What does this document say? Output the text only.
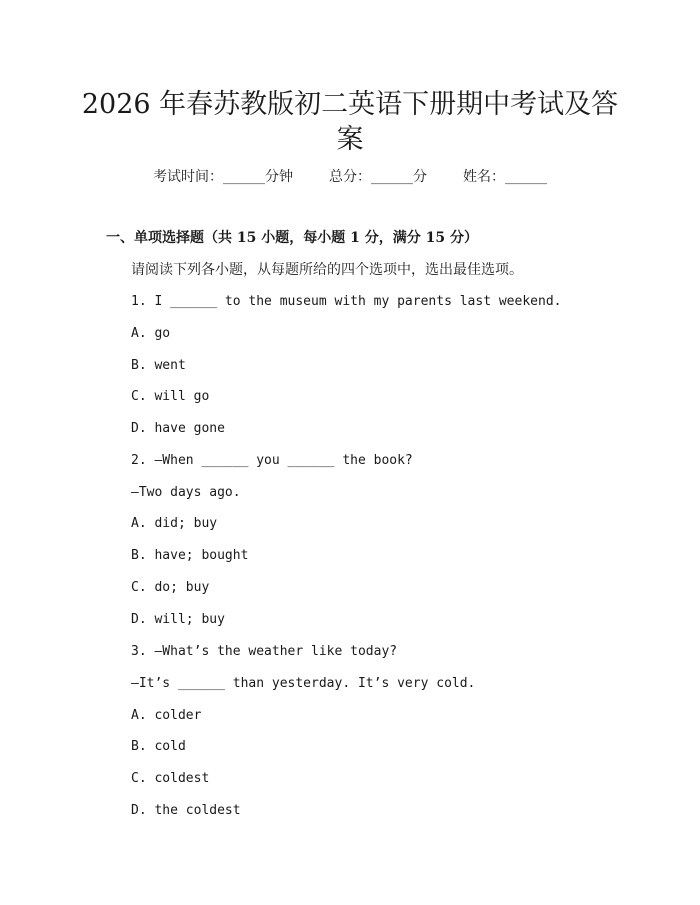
2026 年春苏教版初二英语下册期中考试及答
案
考试时间：______分钟	总分：______分	姓名：______
一、单项选择题（共 15 小题，每小题 1 分，满分 15 分）
请阅读下列各小题，从每题所给的四个选项中，选出最佳选项。
1. I ______ to the museum with my parents last weekend.
A. go
B. went
C. will go
D. have gone
2. —When ______ you ______ the book?
—Two days ago.
A. did; buy
B. have; bought
C. do; buy
D. will; buy
3. —What’s the weather like today?
—It’s ______ than yesterday. It’s very cold.
A. colder
B. cold
C. coldest
D. the coldest
